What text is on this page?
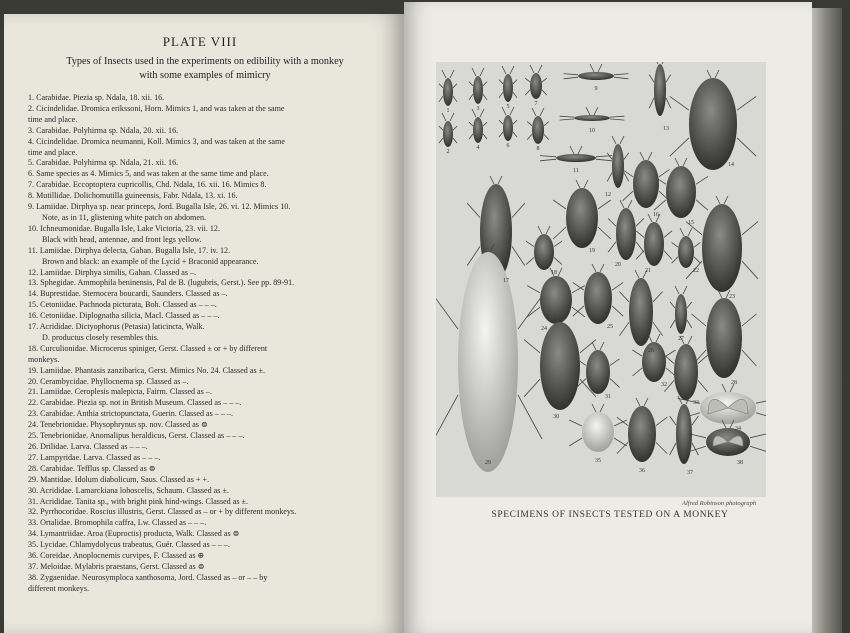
PLATE VIII
Types of Insects used in the experiments on edibility with a monkey
with some examples of mimicry
1. Carabidae. Piezia sp. Ndala, 18. xii. 16.
2. Cicindelidae. Dromica erikssoni, Horn. Mimics 1, and was taken at the same
time and place.
3. Carabidae. Polyhirma sp. Ndala, 20. xii. 16.
4. Cicindelidae. Dromica neumanni, Koll. Mimics 3, and was taken at the same
time and place.
5. Carabidae. Polyhirma sp. Ndala, 21. xii. 16.
6. Same species as 4. Mimics 5, and was taken at the same time and place.
7. Carabidae. Eccoptoptera cupricollis, Chd. Ndala, 16. xii. 16. Mimics 8.
8. Mutillidae. Dolichomutilla guineensis, Fabr. Ndala, 13. xi. 16.
9. Lamiidae. Dirphya sp. near princeps, Jord. Bugalla Isle, 26. vi. 12. Mimics 10.
Note, as in 11, glistening white patch on abdomen.
10. Ichneumonidae. Bugalla Isle, Lake Victoria, 23. vii. 12.
Black with head, antennae, and front legs yellow.
11. Lamiidae. Dirphya delecta, Gahan. Bugalla Isle, 17. iv. 12.
Brown and black: an example of the Lycid + Braconid appearance.
12. Lamiidae. Dirphya similis, Gahan. Classed as –.
13. Sphegidae. Ammophila beninensis, Pal de B. (lugubris, Gerst.). See pp. 89-91.
14. Buprestidae. Sternocera boucardi, Saunders. Classed as –.
15. Cetoniidae. Pachnoda picturata, Boh. Classed as – – –.
16. Cetoniidae. Diplognatha silicia, Macl. Classed as – – –.
17. Acrididae. Dictyophorus (Petasia) laticincta, Walk.
D. productus closely resembles this.
18. Curculionidae. Microcerus spiniger, Gerst. Classed ± or + by different
monkeys.
19. Lamiidae. Phantasis zanzibarica, Gerst. Mimics No. 24. Classed as ±.
20. Cerambycidae. Phyllocnema sp. Classed as –.
21. Lamiidae. Ceroplesis malepicta, Fairm. Classed as –.
22. Carabidae. Piezia sp. not in British Museum. Classed as – – –.
23. Carabidae. Anthia strictopunctata, Guerin. Classed as – – –.
24. Tenebrionidae. Physophrynus sp. nov. Classed as ⊜
25. Tenebrionidae. Anomalipus heraldicus, Gerst. Classed as – – –.
26. Drilidae. Larva. Classed as – – –.
27. Lampyridae. Larva. Classed as – – –.
28. Carabidae. Tefflus sp. Classed as ⊜
29. Mantidae. Idolum diabolicum, Saus. Classed as + +.
30. Acrididae. Lamarckiana loboscelis, Schaum. Classed as ±.
31. Acrididae. Tanita sp., with bright pink hind-wings. Classed as ±.
32. Pyrrhocoridae. Roscius illustris, Gerst. Classed as – or + by different monkeys.
33. Ortalidae. Bromophila caffra, Lw. Classed as – – –.
34. Lymantriidae. Aroa (Euproctis) producta, Walk. Classed as ⊜
35. Lycidae. Chlamydolycus trabeatus, Guér. Classed as – – –.
36. Coreidae. Anoplocnemis curvipes, F. Classed as ⊕
37. Meloidae. Mylabris praestans, Gerst. Classed as ⊜
38. Zygaenidae. Neurosymploca xanthosoma, Jord. Classed as – or – – by
different monkeys.
1
2
3
4
5
6
7
8
9
10
11
12
13
14
15
16
17
18
19
20
21	22
23
24	25
26
27
28
29
30
31
32
33
34
35
36	37
38
Alfred Robinson photograph
SPECIMENS OF INSECTS TESTED ON A MONKEY
